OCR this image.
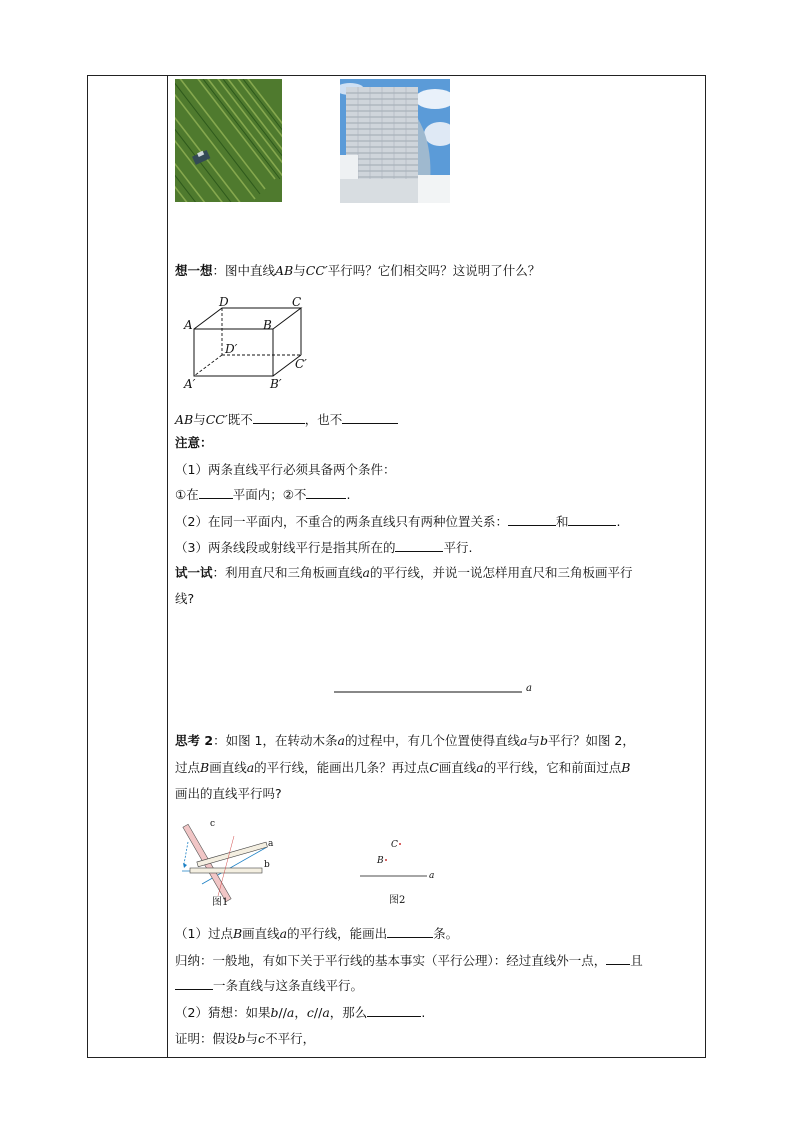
想一想：图中直线AB与CC′平行吗？它们相交吗？这说明了什么？
D	C
A	B
D′
C′
A′	B′
AB与CC′既不	，也不
注意：
（1）两条直线平行必须具备两个条件：
①在	平面内；②不	.
（2）在同一平面内，不重合的两条直线只有两种位置关系：	和	.
（3）两条线段或射线平行是指其所在的	平行.
试一试：利用直尺和三角板画直线a的平行线，并说一说怎样用直尺和三角板画平行
线?
a
思考 2：如图 1，在转动木条a的过程中，有几个位置使得直线a与b平行？如图 2，
过点B画直线a的平行线，能画出几条？再过点C画直线a的平行线，它和前面过点B
画出的直线平行吗?
c
a
b
图1
C
B
a
图2
（1）过点B画直线a的平行线，能画出	条。
归纳：一般地，有如下关于平行线的基本事实（平行公理）：经过直线外一点， 且
一条直线与这条直线平行。
（2）猜想：如果b//a，c//a，那么	.
证明：假设b与c不平行，
